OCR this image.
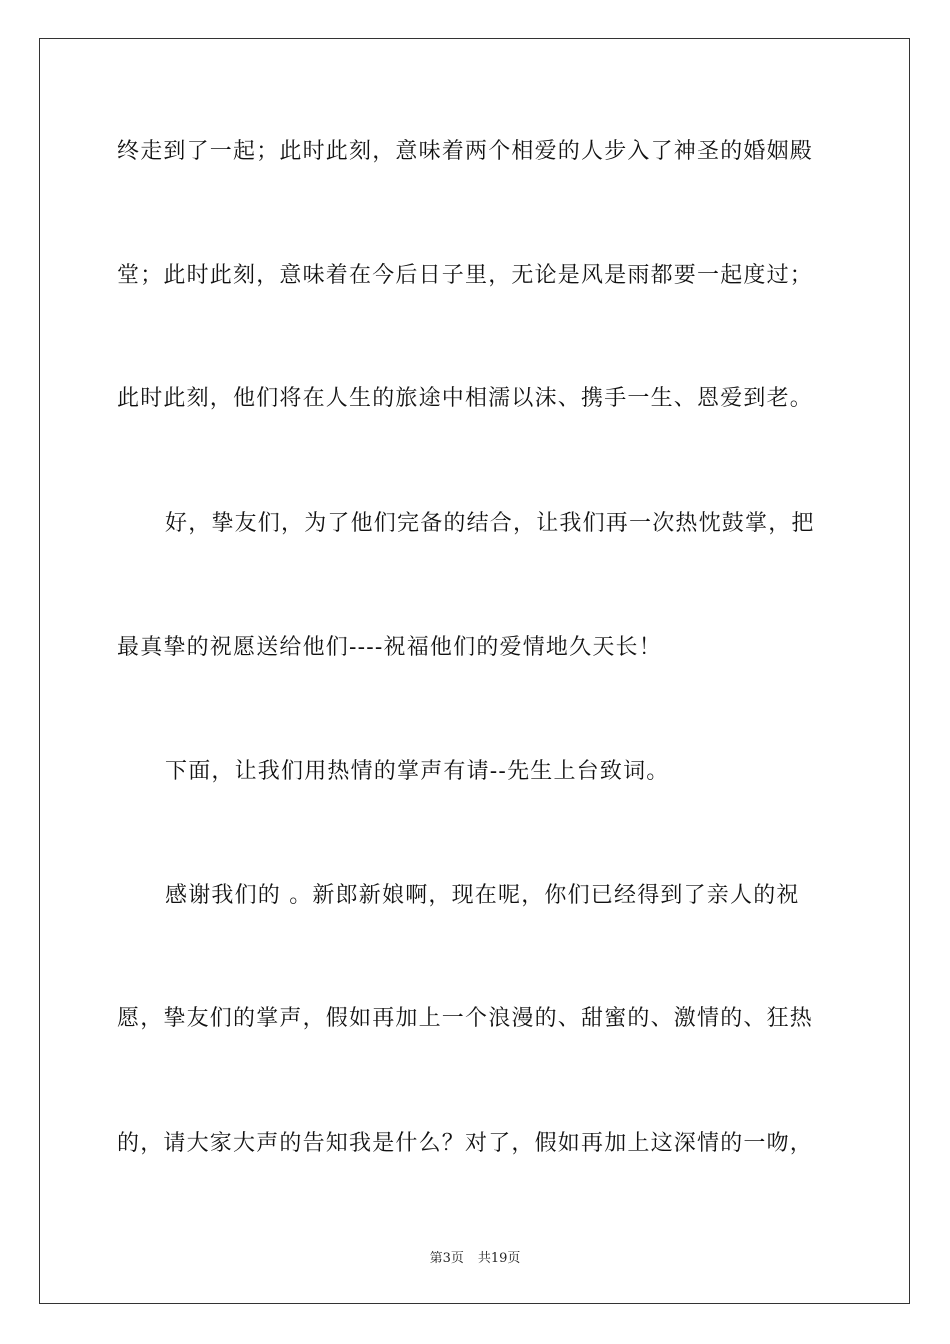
终走到了一起；此时此刻，意味着两个相爱的人步入了神圣的婚姻殿
堂；此时此刻，意味着在今后日子里，无论是风是雨都要一起度过；
此时此刻，他们将在人生的旅途中相濡以沫、携手一生、恩爱到老。
好，挚友们，为了他们完备的结合，让我们再一次热忱鼓掌，把
最真挚的祝愿送给他们----祝福他们的爱情地久天长！
下面，让我们用热情的掌声有请--先生上台致词。
感谢我们的 。新郎新娘啊，现在呢，你们已经得到了亲人的祝
愿，挚友们的掌声，假如再加上一个浪漫的、甜蜜的、激情的、狂热
的，请大家大声的告知我是什么？对了，假如再加上这深情的一吻，
第3页 共19页
